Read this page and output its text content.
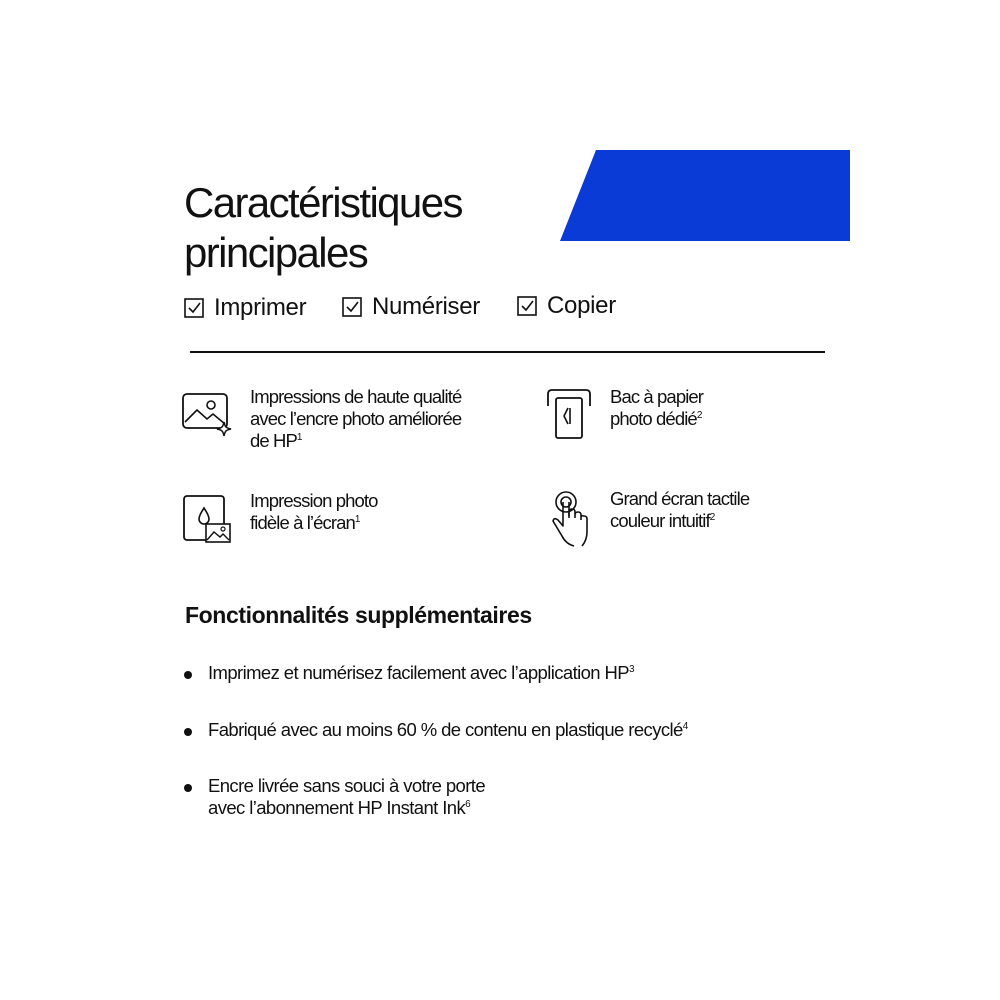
Caractéristiques
principales
Imprimer	Numériser	Copier
Impressions de haute qualité
avec l’encre photo améliorée
de $HP^1$
Bac à papier
photo dédié$^2$
Impression photo
fidèle à l’écran$^1$
Grand écran tactile
couleur intuitif$^2$
Fonctionnalités supplémentaires
Imprimez et numérisez facilement avec l’application $HP^3$
Fabriqué avec au moins 60 % de contenu en plastique recyclé$^4$
Encre livrée sans souci à votre porte
avec l’abonnement HP Instant Ink$^6$
